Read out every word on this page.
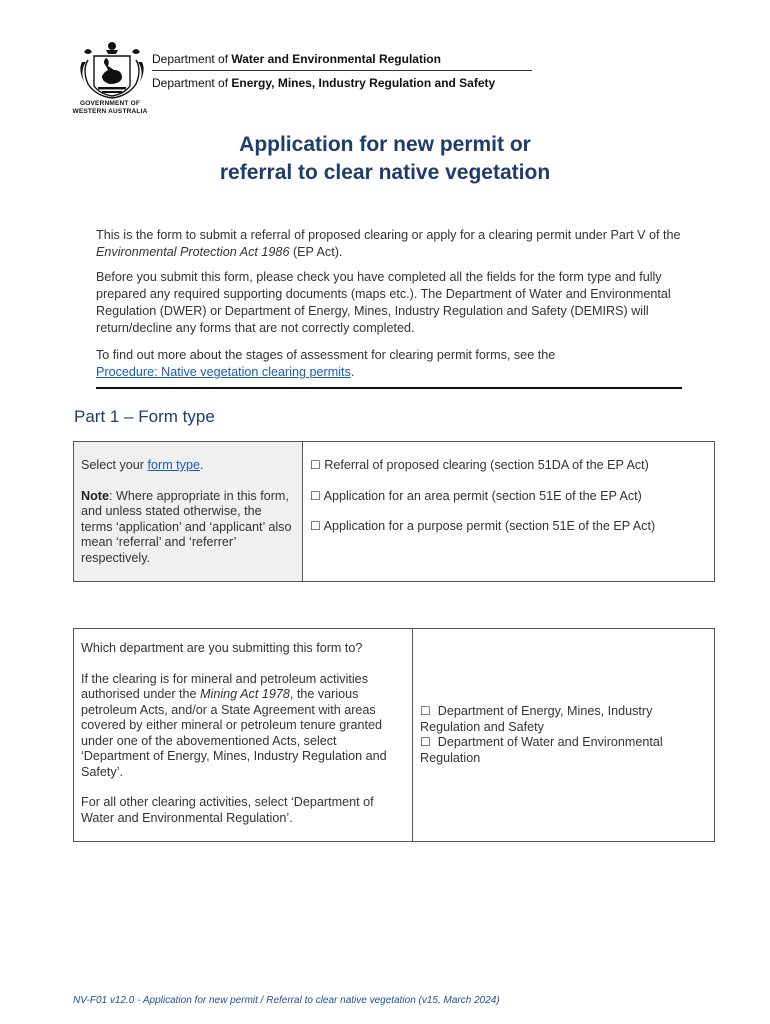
GOVERNMENT OF
WESTERN AUSTRALIA
Department of Water and Environmental Regulation
Department of Energy, Mines, Industry Regulation and Safety
Application for new permit or
referral to clear native vegetation

This is the form to submit a referral of proposed clearing or apply for a clearing permit under Part V of the Environmental Protection Act 1986 (EP Act).

Before you submit this form, please check you have completed all the fields for the form type and fully prepared any required supporting documents (maps etc.). The Department of Water and Environmental Regulation (DWER) or Department of Energy, Mines, Industry Regulation and Safety (DEMIRS) will return/decline any forms that are not correctly completed.

To find out more about the stages of assessment for clearing permit forms, see the
Procedure: Native vegetation clearing permits.

Part 1 – Form type

Select your form type.

Note: Where appropriate in this form, and unless stated otherwise, the terms ‘application’ and ‘applicant’ also mean ‘referral’ and ‘referrer’ respectively.

☐ Referral of proposed clearing (section 51DA of the EP Act)
☐ Application for an area permit (section 51E of the EP Act)
☐ Application for a purpose permit (section 51E of the EP Act)

Which department are you submitting this form to?

If the clearing is for mineral and petroleum activities authorised under the Mining Act 1978, the various petroleum Acts, and/or a State Agreement with areas covered by either mineral or petroleum tenure granted under one of the abovementioned Acts, select ‘Department of Energy, Mines, Industry Regulation and Safety’.

For all other clearing activities, select ‘Department of Water and Environmental Regulation’.

☐ Department of Energy, Mines, Industry Regulation and Safety
☐ Department of Water and Environmental Regulation
NV-F01 v12.0 - Application for new permit / Referral to clear native vegetation (v15, March 2024)
